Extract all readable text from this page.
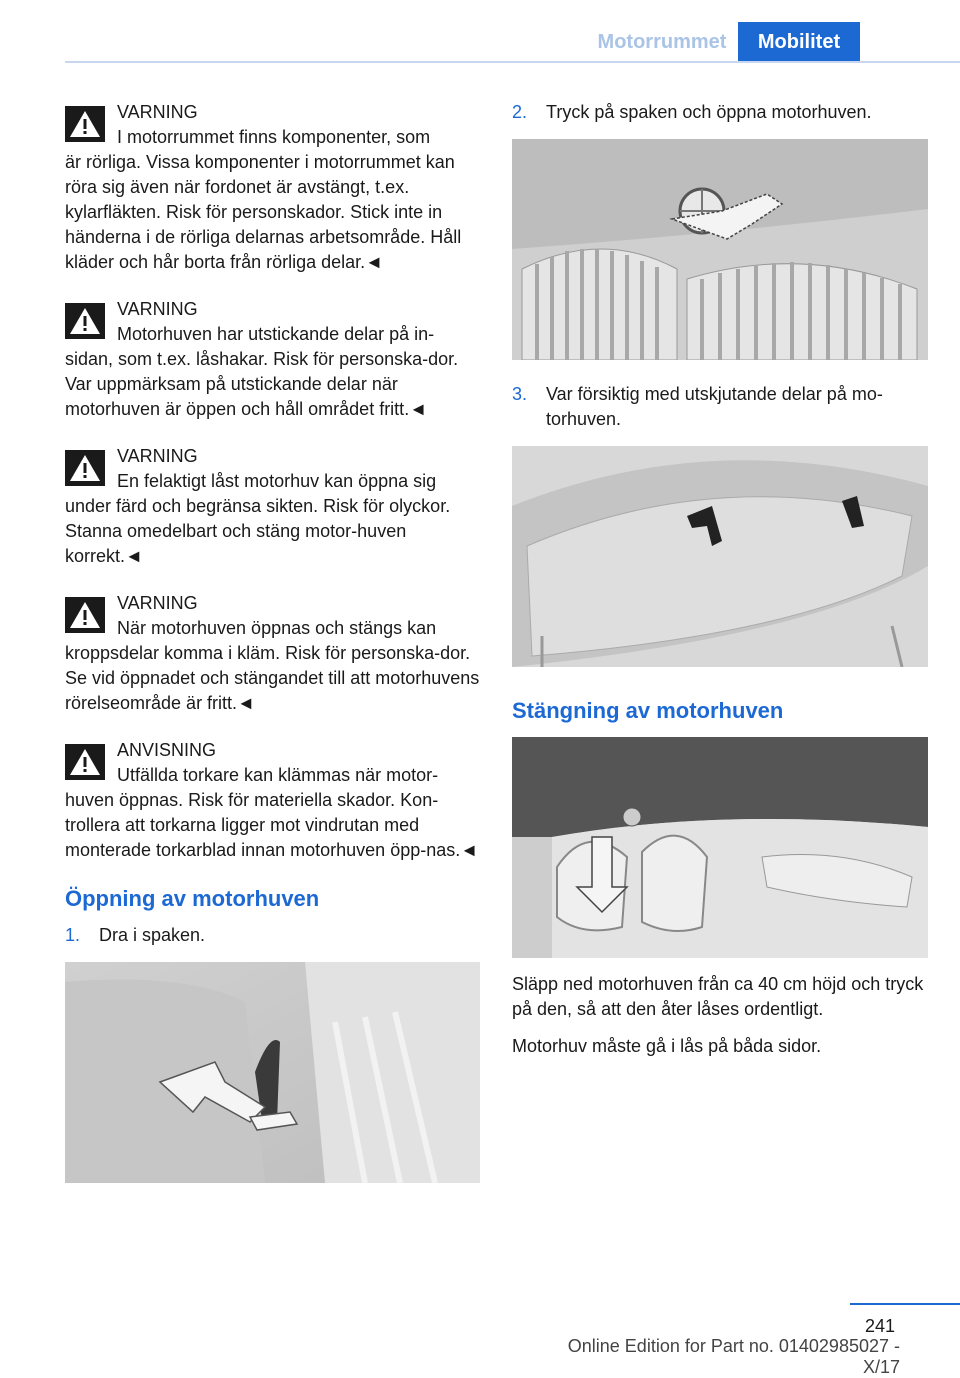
Motorrummet	Mobilitet
VARNING

I motorrummet finns komponenter, som

är rörliga. Vissa komponenter i motorrummet kan röra sig även när fordonet är avstängt, t.ex. kylarfläkten. Risk för personskador. Stick inte in händerna i de rörliga delarnas arbetsområde. Håll kläder och hår borta från rörliga delar.◄

VARNING

Motorhuven har utstickande delar på in-

sidan, som t.ex. låshakar. Risk för personska-dor. Var uppmärksam på utstickande delar när motorhuven är öppen och håll området fritt.◄

VARNING

En felaktigt låst motorhuv kan öppna sig

under färd och begränsa sikten. Risk för olyckor. Stanna omedelbart och stäng motor-huven korrekt.◄

VARNING

När motorhuven öppnas och stängs kan

kroppsdelar komma i kläm. Risk för personska-dor. Se vid öppnadet och stängandet till att motorhuvens rörelseområde är fritt.◄

ANVISNING

Utfällda torkare kan klämmas när motor-

huven öppnas. Risk för materiella skador. Kon-trollera att torkarna ligger mot vindrutan med monterade torkarblad innan motorhuven öpp-nas.◄

Öppning av motorhuven
1. Dra i spaken.
2. Tryck på spaken och öppna motorhuven.
3. Var försiktig med utskjutande delar på mo-torhuven.
Stängning av motorhuven

Släpp ned motorhuven från ca 40 cm höjd och tryck på den, så att den åter låses ordentligt.

Motorhuv måste gå i lås på båda sidor.

241
Online Edition for Part no. 01402985027 - X/17
